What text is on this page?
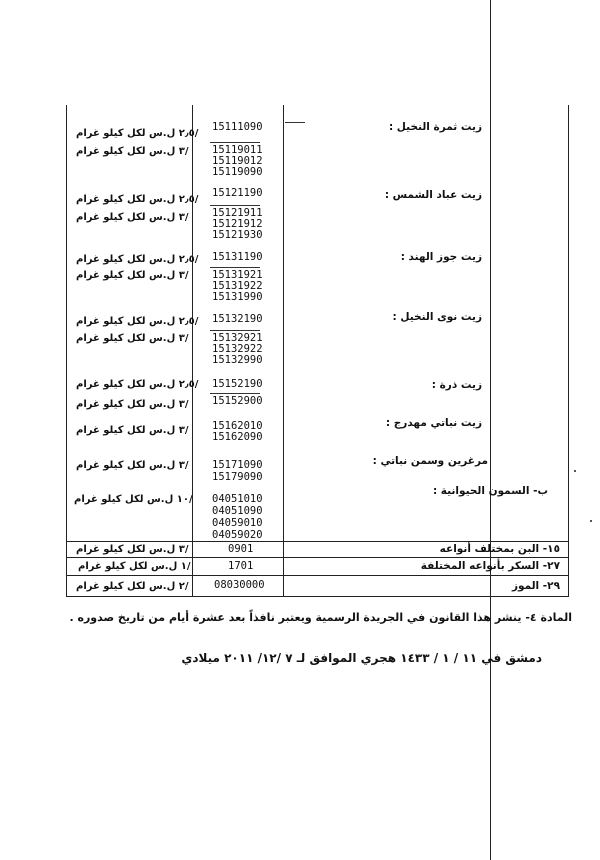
زيت ثمرة النخيل :
/٢٫٥ ل.س لكل كيلو غرام
/٣ ل.س لكل كيلو غرام
15111090
15119011
15119012
15119090
زيت عباد الشمس :
/٢٫٥ ل.س لكل كيلو غرام
/٣ ل.س لكل كيلو غرام
15121190
15121911
15121912
15121930
زيت جوز الهند :
/٢٫٥ ل.س لكل كيلو غرام
/٣ ل.س لكل كيلو غرام
15131190
15131921
15131922
15131990
زيت نوى النخيل :
/٢٫٥ ل.س لكل كيلو غرام
/٣ ل.س لكل كيلو غرام
15132190
15132921
15132922
15132990
زيت ذرة :
/٢٫٥ ل.س لكل كيلو غرام
/٣ ل.س لكل كيلو غرام
15152190
15152900
زيت نباتي مهدرج :
/٣ ل.س لكل كيلو غرام 15162010
15162090
مرغرين وسمن نباتي :
/٣ ل.س لكل كيلو غرام 15171090
15179090
ب- السمون الحيوانية :
/١٠ ل.س لكل كيلو غرام 04051010
04051090
04059010
04059020
١٥- البن بمختلف أنواعه
0901
/٣ ل.س لكل كيلو غرام
٢٧- السكر بأنواعه المختلفة
1701
/١ ل.س لكل كيلو غرام
٢٩- الموز
08030000
/٢ ل.س لكل كيلو غرام
المادة ٤- ينشر هذا القانون في الجريدة الرسمية ويعتبر نافذاً بعد عشرة أيام من تاريخ صدوره .
دمشق في ١١ / ١ / ١٤٣٣ هجري الموافق لـ ٧ /١٢/ ٢٠١١ ميلادي
